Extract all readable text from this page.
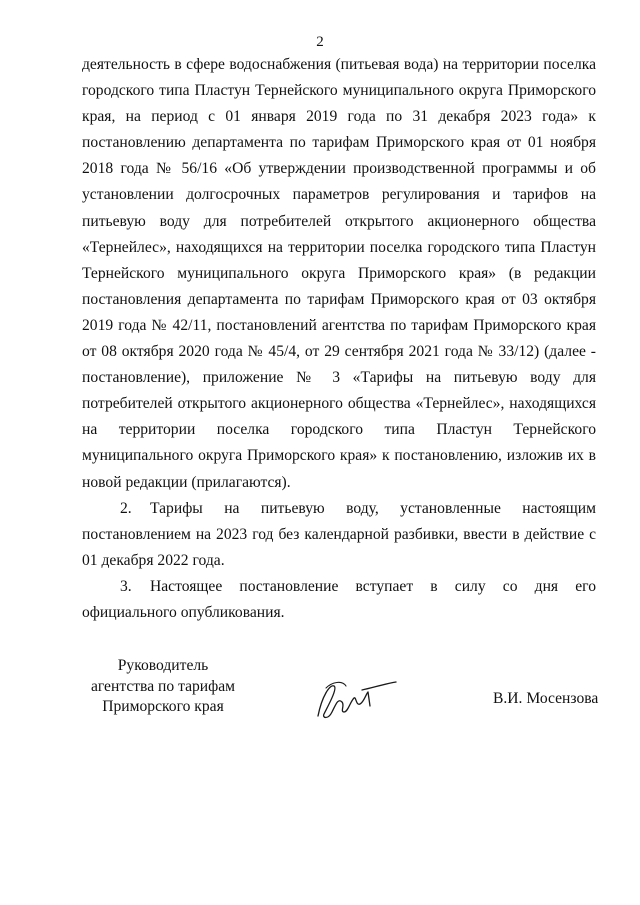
2

деятельность в сфере водоснабжения (питьевая вода) на территории поселка городского типа Пластун Тернейского муниципального округа Приморского края, на период с 01 января 2019 года по 31 декабря 2023 года» к постановлению департамента по тарифам Приморского края от 01 ноября 2018 года № 56/16 «Об утверждении производственной программы и об установлении долгосрочных параметров регулирования и тарифов на питьевую воду для потребителей открытого акционерного общества «Тернейлес», находящихся на территории поселка городского типа Пластун Тернейского муниципального округа Приморского края» (в редакции постановления департамента по тарифам Приморского края от 03 октября 2019 года № 42/11, постановлений агентства по тарифам Приморского края от 08 октября 2020 года № 45/4, от 29 сентября 2021 года № 33/12) (далее - постановление), приложение № 3 «Тарифы на питьевую воду для потребителей открытого акционерного общества «Тернейлес», находящихся на территории поселка городского типа Пластун Тернейского муниципального округа Приморского края» к постановлению, изложив их в новой редакции (прилагаются).

2. Тарифы на питьевую воду, установленные настоящим постановлением на 2023 год без календарной разбивки, ввести в действие с 01 декабря 2022 года.

3. Настоящее постановление вступает в силу со дня его официального опубликования.

Руководитель
агентства по тарифам
Приморского края	В.И. Мосензова
